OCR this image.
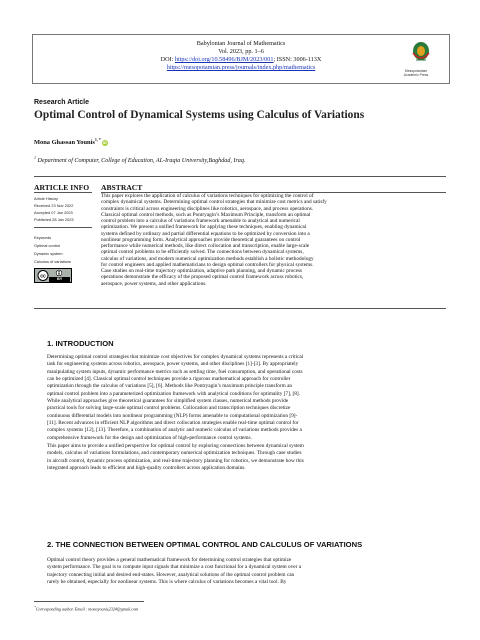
Babylonian Journal of Mathematics
Vol. 2023, pp. 1–6
DOI: https://doi.org/10.58496/BJM/2023/001; ISSN: 3006-113X
https://mesopotamian.press/journals/index.php/mathematics	Mesopotamian
Academic Press
Research Article
Optimal Control of Dynamical Systems using Calculus of Variations
Mona Ghassan Younis$^{1, *}$iD
$^1$ Department of Computer, College of Education, AL-Iraqia University,Baghdad, Iraq.
ARTICLE INFO
Article History
Received 23 Nov 2022
Accepted 07 Jan 2023
Published 28 Jan 2023
Keywords
Optimal control
Dynamic system
Calculus of variations
cc	BY
ABSTRACT
This paper explores the application of calculus of variations techniques for optimizing the control of
complex dynamical systems. Determining optimal control strategies that minimize cost metrics and satisfy
constraints is critical across engineering disciplines like robotics, aerospace, and process operations.
Classical optimal control methods, such as Pontryagin’s Maximum Principle, transform an optimal
control problem into a calculus of variations framework amenable to analytical and numerical
optimization. We present a unified framework for applying these techniques, enabling dynamical
systems defined by ordinary and partial differential equations to be optimized by conversion into a
nonlinear programming form. Analytical approaches provide theoretical guarantees on control
performance while numerical methods, like direct collocation and transcription, enable large-scale
optimal control problems to be efficiently solved. The connections between dynamical systems,
calculus of variations, and modern numerical optimization methods establish a holistic methodology
for control engineers and applied mathematicians to design optimal controllers for physical systems.
Case studies on real-time trajectory optimization, adaptive path planning, and dynamic process
operations demonstrate the efficacy of the proposed optimal control framework across robotics,
aerospace, power systems, and other applications.
1. INTRODUCTION
Determining optimal control strategies that minimize cost objectives for complex dynamical systems represents a critical
task for engineering systems across robotics, aerospace, power systems, and other disciplines [1]-[3]. By appropriately
manipulating system inputs, dynamic performance metrics such as settling time, fuel consumption, and operational costs
can be optimized [4]. Classical optimal control techniques provide a rigorous mathematical approach for controller
optimization through the calculus of variations [5], [6]. Methods like Pontryagin’s maximum principle transform an
optimal control problem into a parameterized optimization framework with analytical conditions for optimality [7], [8].
While analytical approaches give theoretical guarantees for simplified system classes, numerical methods provide
practical tools for solving large-scale optimal control problems. Collocation and transcription techniques discretize
continuous differential models into nonlinear programming (NLP) forms amenable to computational optimization [9]-
[11]. Recent advances in efficient NLP algorithms and direct collocation strategies enable real-time optimal control for
complex systems [12], [13]. Therefore, a combination of analytic and numeric calculus of variations methods provides a
comprehensive framework for the design and optimization of high-performance control systems.
This paper aims to provide a unified perspective for optimal control by exploring connections between dynamical system
models, calculus of variations formulations, and contemporary numerical optimization techniques. Through case studies
in aircraft control, dynamic process optimization, and real-time trajectory planning for robotics, we demonstrate how this
integrated approach leads to efficient and high-quality controllers across application domains.
2. THE CONNECTION BETWEEN OPTIMAL CONTROL AND CALCULUS OF VARIATIONS
Optimal control theory provides a general mathematical framework for determining control strategies that optimize
system performance. The goal is to compute input signals that minimize a cost functional for a dynamical system over a
trajectory connecting initial and desired end-states. However, analytical solutions of the optimal control problem can
rarely be obtained, especially for nonlinear systems. This is where calculus of variations becomes a vital tool. By
*Corresponding author. Email : monayounis2324@gmail.com
